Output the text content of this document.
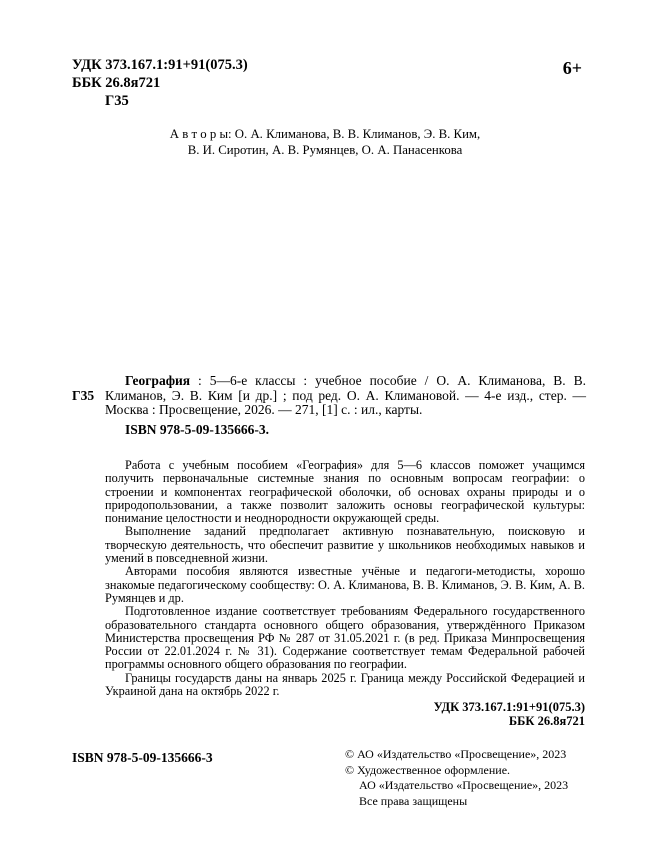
УДК 373.167.1:91+91(075.3)
ББК 26.8я721
Г35
6+
А в т о р ы: О. А. Климанова, В. В. Климанов, Э. В. Ким,
В. И. Сиротин, А. В. Румянцев, О. А. Панасенкова
Г35

География : 5—6-е классы : учебное пособие / О. А. Климанова, В. В. Климанов, Э. В. Ким [и др.] ; под ред. О. А. Климановой. — 4-е изд., стер. — Москва : Просвещение, 2026. — 271, [1] с. : ил., карты.

ISBN 978-5-09-135666-3.

Работа с учебным пособием «География» для 5—6 классов поможет учащимся получить первоначальные системные знания по основным вопросам географии: о строении и компонентах географической оболочки, об основах охраны природы и о природопользовании, а также позволит заложить основы географической культуры: понимание целостности и неоднородности окружающей среды.

Выполнение заданий предполагает активную познавательную, поисковую и творческую деятельность, что обеспечит развитие у школьников необходимых навыков и умений в повседневной жизни.

Авторами пособия являются известные учёные и педагоги-методисты, хорошо знакомые педагогическому сообществу: О. А. Климанова, В. В. Климанов, Э. В. Ким, А. В. Румянцев и др.

Подготовленное издание соответствует требованиям Федерального государственного образовательного стандарта основного общего образования, утверждённого Приказом Министерства просвещения РФ № 287 от 31.05.2021 г. (в ред. Приказа Минпросвещения России от 22.01.2024 г. № 31). Содержание соответствует темам Федеральной рабочей программы основного общего образования по географии.

Границы государств даны на январь 2025 г. Граница между Российской Федерацией и Украиной дана на октябрь 2022 г.

УДК 373.167.1:91+91(075.3)
ББК 26.8я721
ISBN 978-5-09-135666-3	© АО «Издательство «Просвещение», 2023
© Художественное оформление.
АО «Издательство «Просвещение», 2023
Все права защищены
